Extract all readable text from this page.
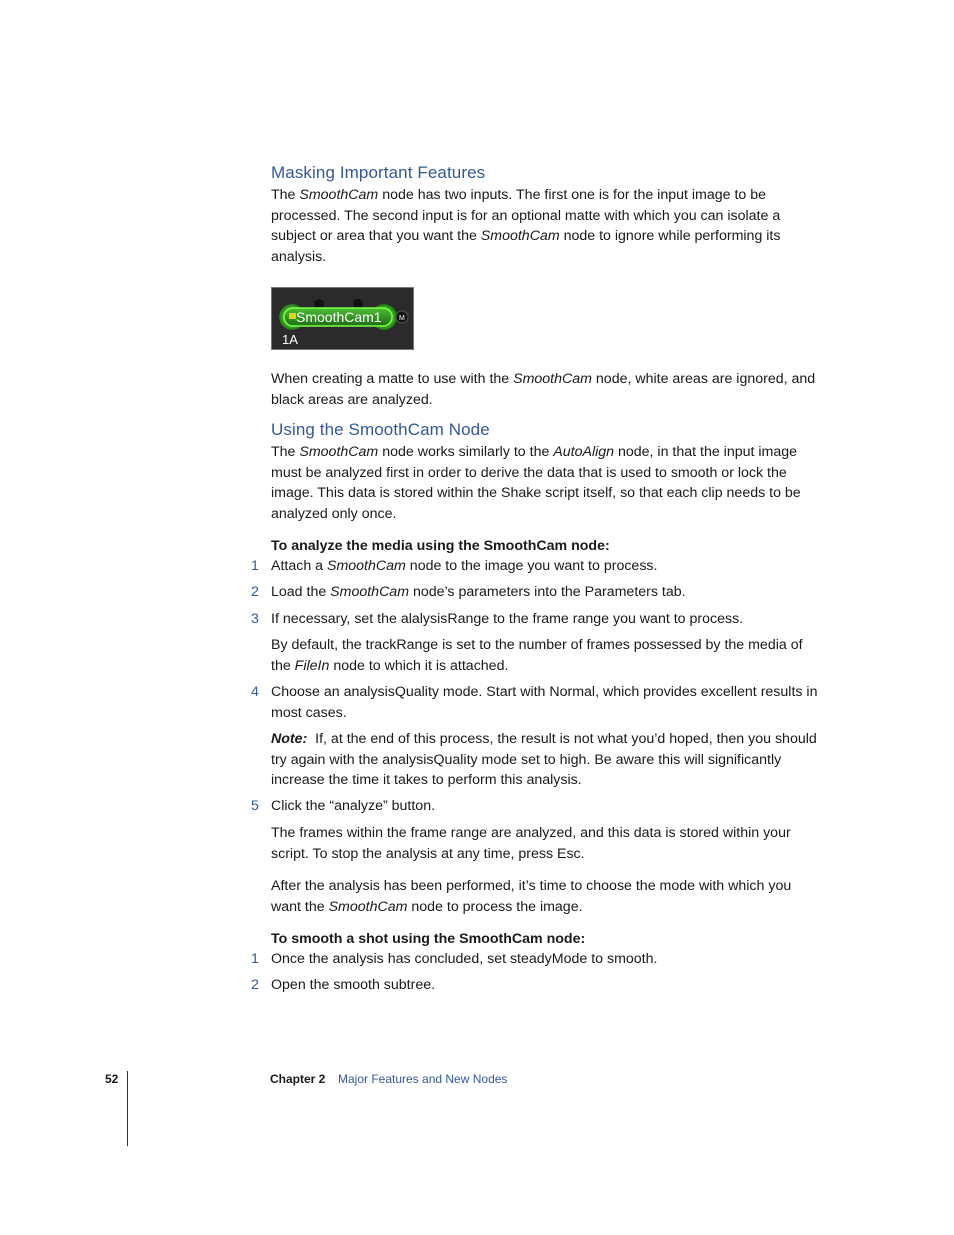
Masking Important Features

The SmoothCam node has two inputs. The first one is for the input image to be processed. The second input is for an optional matte with which you can isolate a subject or area that you want the SmoothCam node to ignore while performing its analysis.

SmoothCam1 M
1A

When creating a matte to use with the SmoothCam node, white areas are ignored, and black areas are analyzed.

Using the SmoothCam Node

The SmoothCam node works similarly to the AutoAlign node, in that the input image must be analyzed first in order to derive the data that is used to smooth or lock the image. This data is stored within the Shake script itself, so that each clip needs to be analyzed only once.

To analyze the media using the SmoothCam node:

1 Attach a SmoothCam node to the image you want to process.

2 Load the SmoothCam node’s parameters into the Parameters tab.

3 If necessary, set the alalysisRange to the frame range you want to process.

By default, the trackRange is set to the number of frames possessed by the media of the FileIn node to which it is attached.

4 Choose an analysisQuality mode. Start with Normal, which provides excellent results in most cases.

Note: If, at the end of this process, the result is not what you’d hoped, then you should try again with the analysisQuality mode set to high. Be aware this will significantly increase the time it takes to perform this analysis.

5 Click the “analyze” button.

The frames within the frame range are analyzed, and this data is stored within your script. To stop the analysis at any time, press Esc.

After the analysis has been performed, it’s time to choose the mode with which you want the SmoothCam node to process the image.

To smooth a shot using the SmoothCam node:

1 Once the analysis has concluded, set steadyMode to smooth.

2 Open the smooth subtree.

52	Chapter 2 Major Features and New Nodes
